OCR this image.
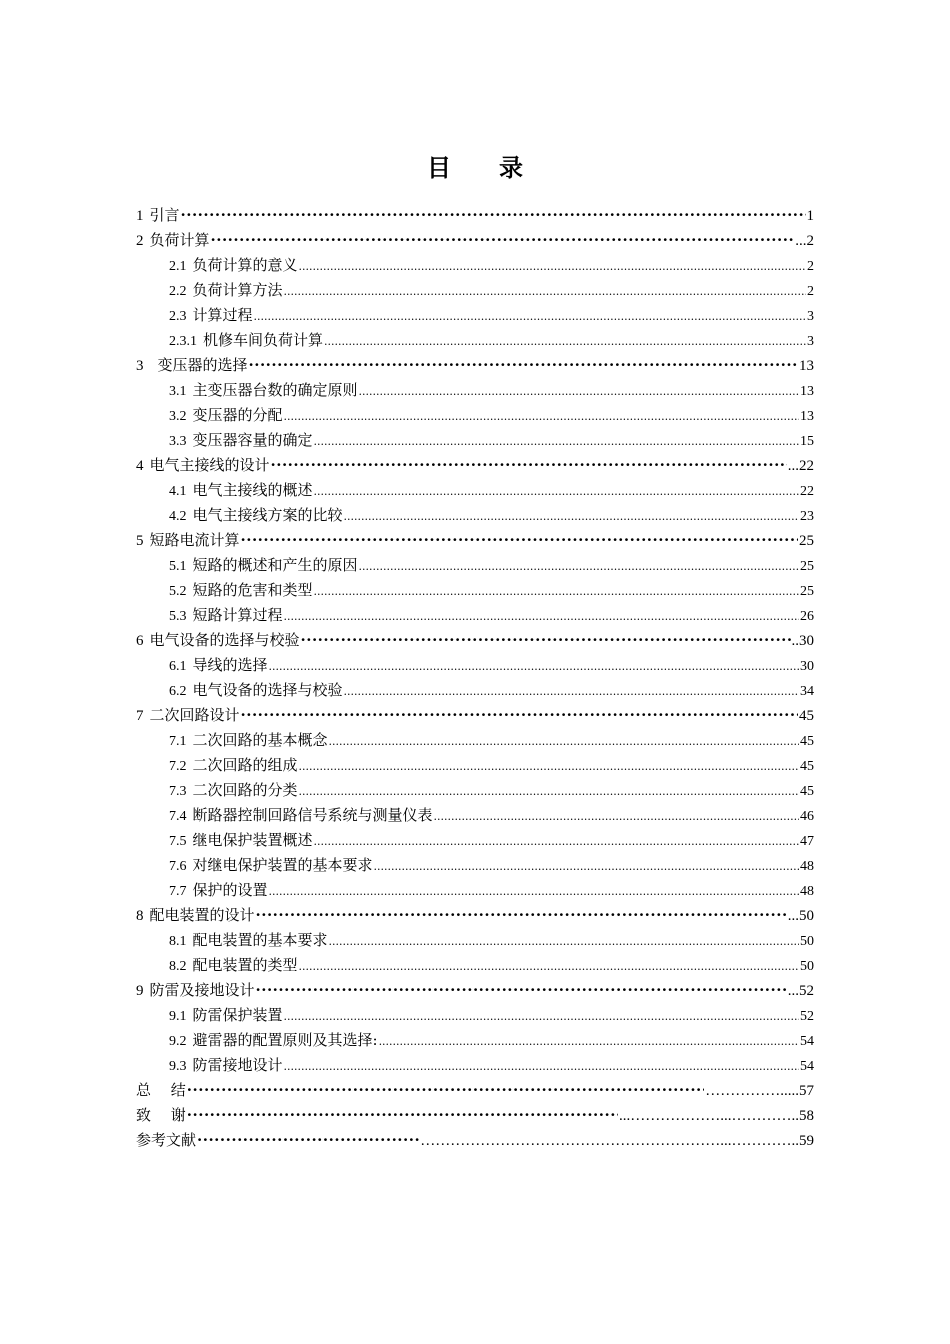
目 录
1 引言 ·····	1
2 负荷计算 ·····	...2
2.1 负荷计算的意义 .....	2
2.2 负荷计算方法 .....	2
2.3 计算过程 .....	3
2.3.1 机修车间负荷计算 .....	3
3 变压器的选择 ·····	13
3.1 主变压器台数的确定原则 .....	13
3.2 变压器的分配 .....	13
3.3 变压器容量的确定 .....	15
4 电气主接线的设计 ·····	...22
4.1 电气主接线的概述 .....	22
4.2 电气主接线方案的比较 .....	23
5 短路电流计算 ·····	25
5.1 短路的概述和产生的原因 .....	25
5.2 短路的危害和类型 .....	25
5.3 短路计算过程 .....	26
6 电气设备的选择与校验 ·····	..30
6.1 导线的选择 .....	30
6.2 电气设备的选择与校验 .....	34
7 二次回路设计 ·····	45
7.1 二次回路的基本概念 .....	45
7.2 二次回路的组成 .....	45
7.3 二次回路的分类 .....	45
7.4 断路器控制回路信号系统与测量仪表 .....	46
7.5 继电保护装置概述 .....	47
7.6 对继电保护装置的基本要求 .....	48
7.7 保护的设置 .....	48
8 配电装置的设计 ·····	...50
8.1 配电装置的基本要求 .....	50
8.2 配电装置的类型 .....	50
9 防雷及接地设计 ·····	...52
9.1 防雷保护装置 .....	52
9.2 避雷器的配置原则及其选择: .....	54
9.3 防雷接地设计 .....	54
总　 结 ·····	…………….....57
致　 谢 ·····	...………………...…………..58
参考文献 ·····	……………………………………………………...…………..59
